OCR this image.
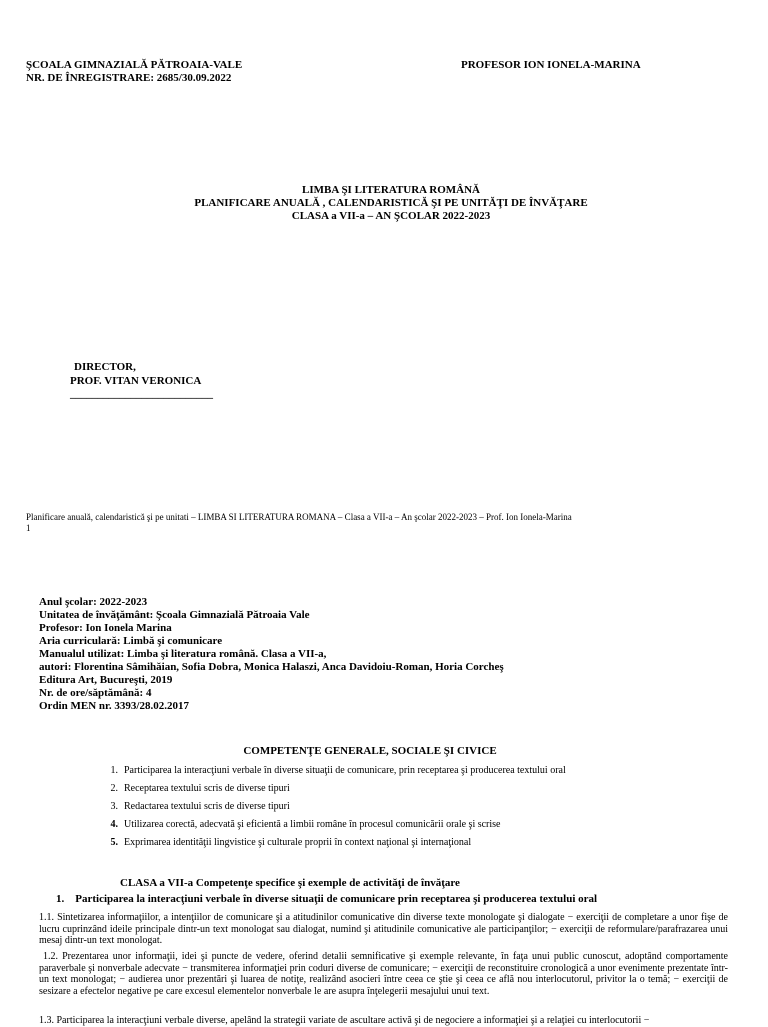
ŞCOALA GIMNAZIALĂ PĂTROAIA-VALE
NR. DE ÎNREGISTRARE: 2685/30.09.2022
PROFESOR ION IONELA-MARINA
LIMBA ŞI LITERATURA ROMÂNĂ
PLANIFICARE ANUALĂ , CALENDARISTICĂ ŞI PE UNITĂŢI DE ÎNVĂŢARE
CLASA a VII-a – AN ŞCOLAR 2022-2023
DIRECTOR,
PROF. VITAN VERONICA
__________________________
Planificare anuală, calendaristică şi pe unitati – LIMBA SI LITERATURA ROMANA – Clasa a VII-a – An şcolar 2022-2023 – Prof. Ion Ionela-Marina
1
Anul şcolar: 2022-2023
Unitatea de învăţământ: Şcoala Gimnazială Pătroaia Vale
Profesor: Ion Ionela Marina
Aria curriculară: Limbă şi comunicare
Manualul utilizat: Limba şi literatura română. Clasa a VII-a,
autori: Florentina Sâmihăian, Sofia Dobra, Monica Halaszi, Anca Davidoiu-Roman, Horia Corcheş
Editura Art, Bucureşti, 2019
Nr. de ore/săptămână: 4
Ordin MEN nr. 3393/28.02.2017
COMPETENŢE GENERALE, SOCIALE ŞI CIVICE
1. Participarea la interacţiuni verbale în diverse situaţii de comunicare, prin receptarea şi producerea textului oral
2. Receptarea textului scris de diverse tipuri
3. Redactarea textului scris de diverse tipuri
4. Utilizarea corectă, adecvată şi eficientă a limbii române în procesul comunicării orale şi scrise
5. Exprimarea identităţii lingvistice şi culturale proprii în context naţional şi internaţional
CLASA a VII-a Competenţe specifice şi exemple de activităţi de învăţare
1. Participarea la interacţiuni verbale în diverse situaţii de comunicare prin receptarea şi producerea textului oral
1.1. Sintetizarea informaţiilor, a intenţiilor de comunicare şi a atitudinilor comunicative din diverse texte monologate şi dialogate − exerciţii de completare a unor fişe de lucru cuprinzând ideile principale dintr-un text monologat sau dialogat, numind şi atitudinile comunicative ale participanţilor; − exerciţii de reformulare/parafrazarea unui mesaj dintr-un text monologat.
1.2. Prezentarea unor informaţii, idei şi puncte de vedere, oferind detalii semnificative şi exemple relevante, în faţa unui public cunoscut, adoptând comportamente paraverbale şi nonverbale adecvate − transmiterea informaţiei prin coduri diverse de comunicare; − exerciţii de reconstituire cronologică a unor evenimente prezentate într-un text monologat; − audierea unor prezentări şi luarea de notiţe, realizând asocieri între ceea ce ştie şi ceea ce află nou interlocutorul, privitor la o temă; − exerciţii de sesizare a efectelor negative pe care excesul elementelor nonverbale le are asupra înţelegerii mesajului unui text.
1.3. Participarea la interacţiuni verbale diverse, apelând la strategii variate de ascultare activă şi de negociere a informaţiei şi a relaţiei cu interlocutorii −
